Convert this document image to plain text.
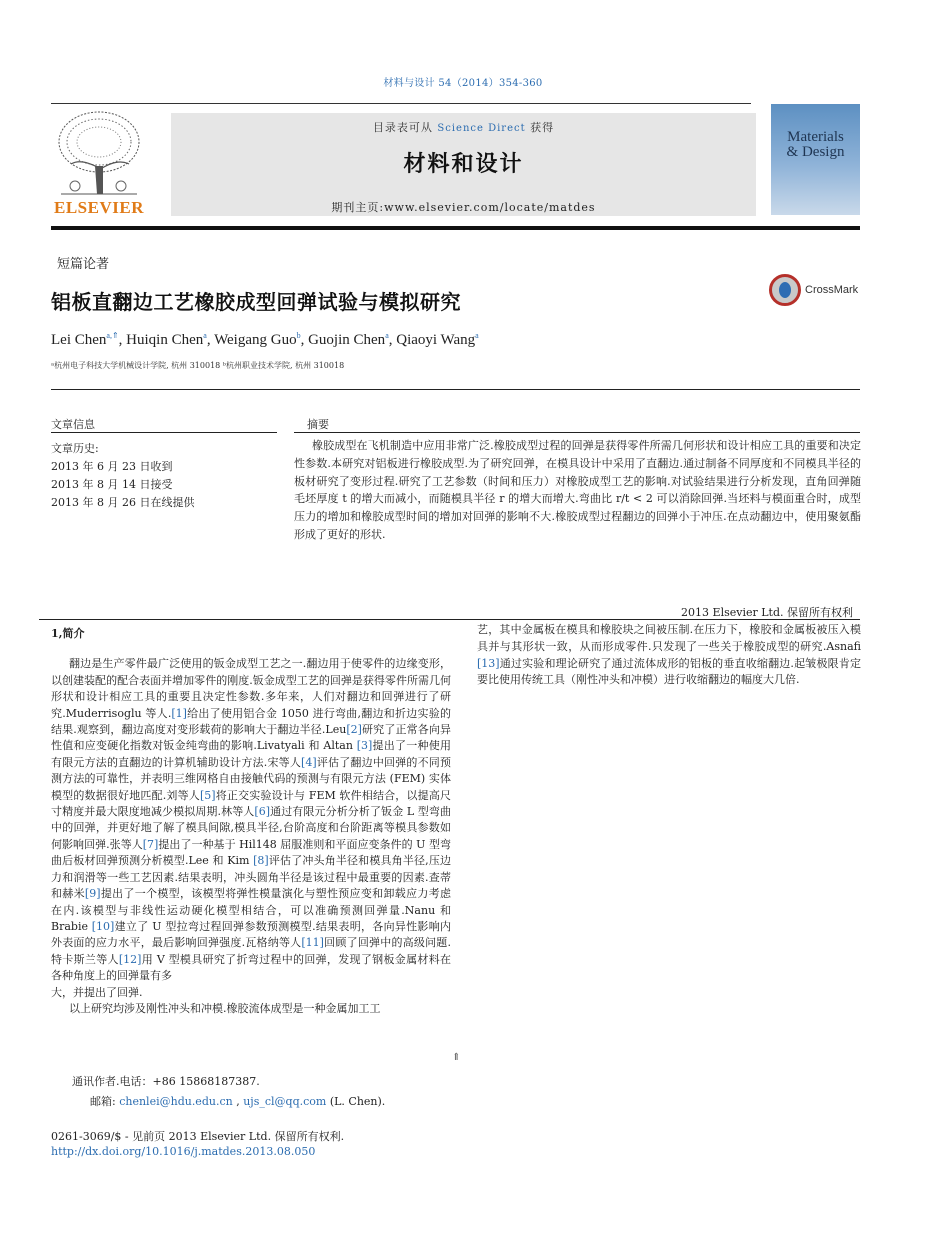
材料与设计 54（2014）354-360
ELSEVIER
目录表可从 Science Direct 获得
材料和设计
期刊主页:www.elsevier.com/locate/matdes
Materials
& Design
短篇论著
铝板直翻边工艺橡胶成型回弹试验与模拟研究	CrossMark
Lei Chen$^{a,⇑}$, Huiqin Chen$^a$, Weigang Guo$^b$, Guojin Chen$^a$, Qiaoyi Wang$^a$
ᵃ杭州电子科技大学机械设计学院, 杭州 310018 ᵇ杭州职业技术学院, 杭州 310018
文章信息	摘要
文章历史:
2013 年 6 月 23 日收到
2013 年 8 月 14 日接受
2013 年 8 月 26 日在线提供
橡胶成型在飞机制造中应用非常广泛.橡胶成型过程的回弹是获得零件所需几何形状和设计相应工具的重要和决定性参数.本研究对铝板进行橡胶成型.为了研究回弹，在模具设计中采用了直翻边.通过制备不同厚度和不同模具半径的板材研究了变形过程.研究了工艺参数（时间和压力）对橡胶成型工艺的影响.对试验结果进行分析发现，直角回弹随毛坯厚度 t 的增大而减小，而随模具半径 r 的增大而增大.弯曲比 r/t < 2 可以消除回弹.当坯料与模面重合时，成型压力的增加和橡胶成型时间的增加对回弹的影响不大.橡胶成型过程翻边的回弹小于冲压.在点动翻边中，使用聚氨酯形成了更好的形状.
2013 Elsevier Ltd. 保留所有权利
1,简介
翻边是生产零件最广泛使用的钣金成型工艺之一.翻边用于使零件的边缘变形，以创建装配的配合表面并增加零件的刚度.钣金成型工艺的回弹是获得零件所需几何形状和设计相应工具的重要且决定性参数.多年来，人们对翻边和回弹进行了研究.Muderrisoglu 等人.[1]给出了使用铝合金 1050 进行弯曲,翻边和折边实验的结果.观察到，翻边高度对变形载荷的影响大于翻边半径.Leu[2]研究了正常各向异性值和应变硬化指数对钣金纯弯曲的影响.Livatyali 和 Altan [3]提出了一种使用有限元方法的直翻边的计算机辅助设计方法.宋等人[4]评估了翻边中回弹的不同预测方法的可靠性，并表明三维网格自由接触代码的预测与有限元方法 (FEM) 实体模型的数据很好地匹配.刘等人[5]将正交实验设计与 FEM 软件相结合，以提高尺寸精度并最大限度地减少模拟周期.林等人[6]通过有限元分析分析了钣金 L 型弯曲中的回弹，并更好地了解了模具间隙,模具半径,台阶高度和台阶距离等模具参数如何影响回弹.张等人[7]提出了一种基于 Hil148 屈服准则和平面应变条件的 U 型弯曲后板材回弹预测分析模型.Lee 和 Kim [8]评估了冲头角半径和模具角半径,压边力和润滑等一些工艺因素.结果表明，冲头圆角半径是该过程中最重要的因素.查蒂和赫米[9]提出了一个模型，该模型将弹性模量演化与塑性预应变和卸载应力考虑在内.该模型与非线性运动硬化模型相结合，可以准确预测回弹量.Nanu 和 Brabie [10]建立了 U 型拉弯过程回弹参数预测模型.结果表明，各向异性影响内外表面的应力水平，最后影响回弹强度.瓦格纳等人[11]回顾了回弹中的高级问题.特卡斯兰等人[12]用 V 型模具研究了折弯过程中的回弹，发现了钢板金属材料在各种角度上的回弹量有多
大，并提出了回弹.
以上研究均涉及刚性冲头和冲模.橡胶流体成型是一种金属加工工
艺，其中金属板在模具和橡胶块之间被压制.在压力下，橡胶和金属板被压入模具并与其形状一致，从而形成零件.只发现了一些关于橡胶成型的研究.Asnafi [13]通过实验和理论研究了通过流体成形的铝板的垂直收缩翻边.起皱极限肯定要比使用传统工具（刚性冲头和冲模）进行收缩翻边的幅度大几倍.
⇑
通讯作者.电话：+86 15868187387.
邮箱: chenlei@hdu.edu.cn , ujs_cl@qq.com (L. Chen).
0261-3069/$ - 见前页 2013 Elsevier Ltd. 保留所有权利.
http://dx.doi.org/10.1016/j.matdes.2013.08.050
